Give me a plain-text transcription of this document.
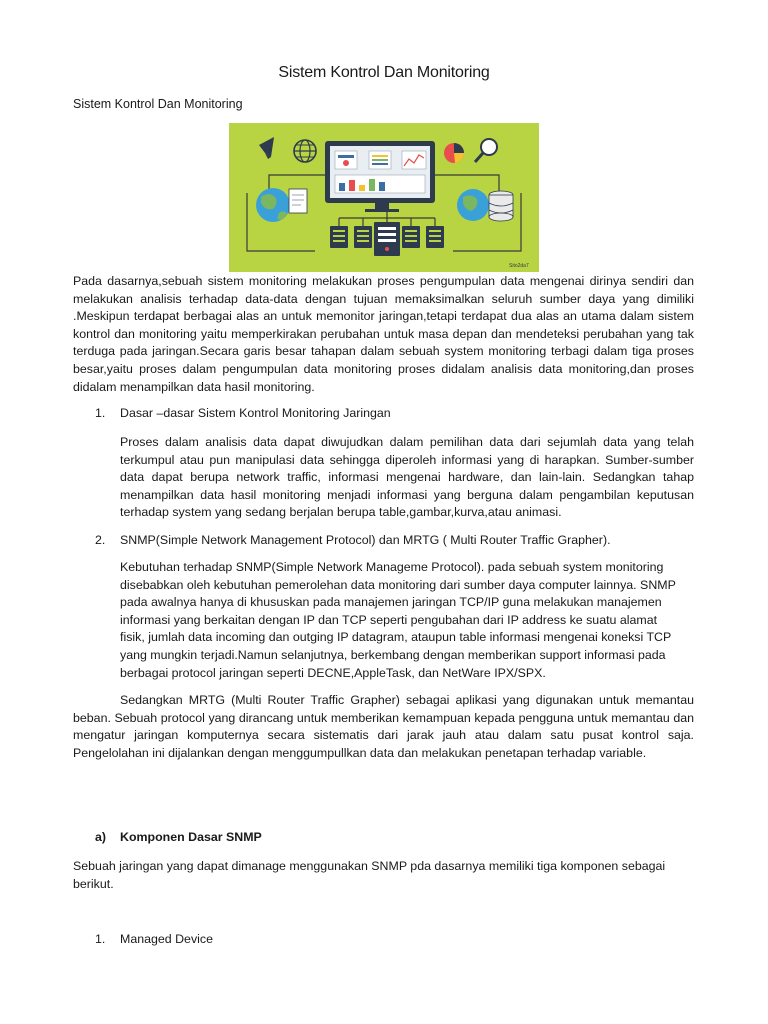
Sistem Kontrol Dan Monitoring
Sistem Kontrol Dan Monitoring
Sito2da7

Pada dasarnya,sebuah sistem monitoring melakukan proses pengumpulan data mengenai dirinya sendiri dan melakukan analisis terhadap data-data dengan tujuan memaksimalkan seluruh sumber daya yang dimiliki .Meskipun terdapat berbagai alas an untuk memonitor jaringan,tetapi terdapat dua alas an utama dalam sistem kontrol dan monitoring yaitu memperkirakan perubahan untuk masa depan dan mendeteksi perubahan yang tak terduga pada jaringan.Secara garis besar tahapan dalam sebuah system monitoring terbagi dalam tiga proses besar,yaitu proses dalam pengumpulan data monitoring proses didalam analisis data monitoring,dan proses didalam menampilkan data hasil monitoring.

1. Dasar –dasar Sistem Kontrol Monitoring Jaringan

Proses dalam analisis data dapat diwujudkan dalam pemilihan data dari sejumlah data yang telah terkumpul atau pun manipulasi data sehingga diperoleh informasi yang di harapkan. Sumber-sumber data dapat berupa network traffic, informasi mengenai hardware, dan lain-lain. Sedangkan tahap menampilkan data hasil monitoring menjadi informasi yang berguna dalam pengambilan keputusan terhadap system yang sedang berjalan berupa table,gambar,kurva,atau animasi.

2. SNMP(Simple Network Management Protocol) dan MRTG ( Multi Router Traffic Grapher).

Kebutuhan terhadap SNMP(Simple Network Manageme Protocol). pada sebuah system monitoring disebabkan oleh kebutuhan pemerolehan data monitoring dari sumber daya computer lainnya. SNMP pada awalnya hanya di khususkan pada manajemen jaringan TCP/IP guna melakukan manajemen informasi yang berkaitan dengan IP dan TCP seperti pengubahan dari IP address ke suatu alamat fisik, jumlah data incoming dan outging IP datagram, ataupun table informasi mengenai koneksi TCP yang mungkin terjadi.Namun selanjutnya, berkembang dengan memberikan support informasi pada berbagai protocol jaringan seperti DECNE,AppleTask, dan NetWare IPX/SPX.

Sedangkan MRTG (Multi Router Traffic Grapher) sebagai aplikasi yang digunakan untuk memantau beban. Sebuah protocol yang dirancang untuk memberikan kemampuan kepada pengguna untuk memantau dan mengatur jaringan komputernya secara sistematis dari jarak jauh atau dalam satu pusat kontrol saja. Pengelolahan ini dijalankan dengan menggumpullkan data dan melakukan penetapan terhadap variable.

a) Komponen Dasar SNMP

Sebuah jaringan yang dapat dimanage menggunakan SNMP pda dasarnya memiliki tiga komponen sebagai berikut.

1. Managed Device
